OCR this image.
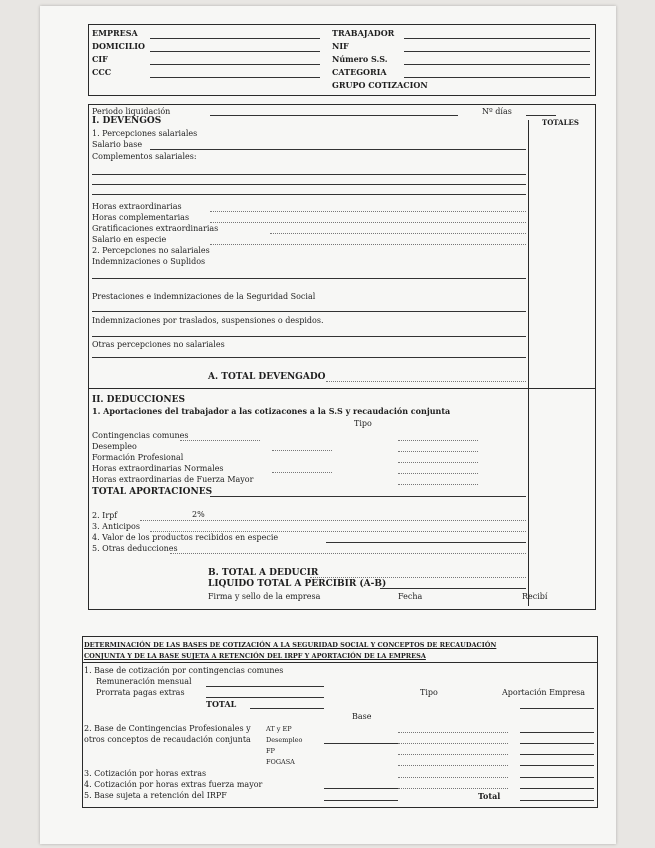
EMPRESA
DOMICILIO
CIF
CCC
TRABAJADOR
NIF
Número S.S.
CATEGORIA
GRUPO COTIZACION
Periodo liquidación	Nº días
TOTALES
I. DEVENGOS
1. Percepciones salariales
Salario base
Complementos salariales:
Horas extraordinarias
Horas complementarias
Gratificaciones extraordinarias
Salario en especie
2. Percepciones no salariales
Indemnizaciones o Suplidos
Prestaciones e indemnizaciones de la Seguridad Social
Indemnizaciones por traslados, suspensiones o despidos.
Otras percepciones no salariales
A. TOTAL DEVENGADO
II. DEDUCCIONES
1. Aportaciones del trabajador a las cotizacones a la S.S y recaudación conjunta
Tipo
Contingencias comunes
Desempleo
Formación Profesional
Horas extraordinarias Normales
Horas extraordinarias de Fuerza Mayor
TOTAL APORTACIONES
2. Irpf	2%
3. Anticipos
4. Valor de los productos recibidos en especie
5. Otras deducciones
B. TOTAL A DEDUCIR
LIQUIDO TOTAL A PERCIBIR (A-B)
Firma y sello de la empresa	Fecha	Recibí
DETERMINACIÓN DE LAS BASES DE COTIZACIÓN A LA SEGURIDAD SOCIAL Y CONCEPTOS DE RECAUDACIÓN
CONJUNTA Y DE LA BASE SUJETA A RETENCIÓN DEL IRPF Y APORTACIÓN DE LA EMPRESA
1. Base de cotización por contingencias comunes
Remuneración mensual
Prorrata pagas extras
TOTAL
Tipo	Aportación Empresa
Base
2. Base de Contingencias Profesionales y
otros conceptos de recaudación conjunta
AT y EP
Desempleo
FP
FOGASA
3. Cotización por horas extras
4. Cotización por horas extras fuerza mayor
5. Base sujeta a retención del IRPF	Total
